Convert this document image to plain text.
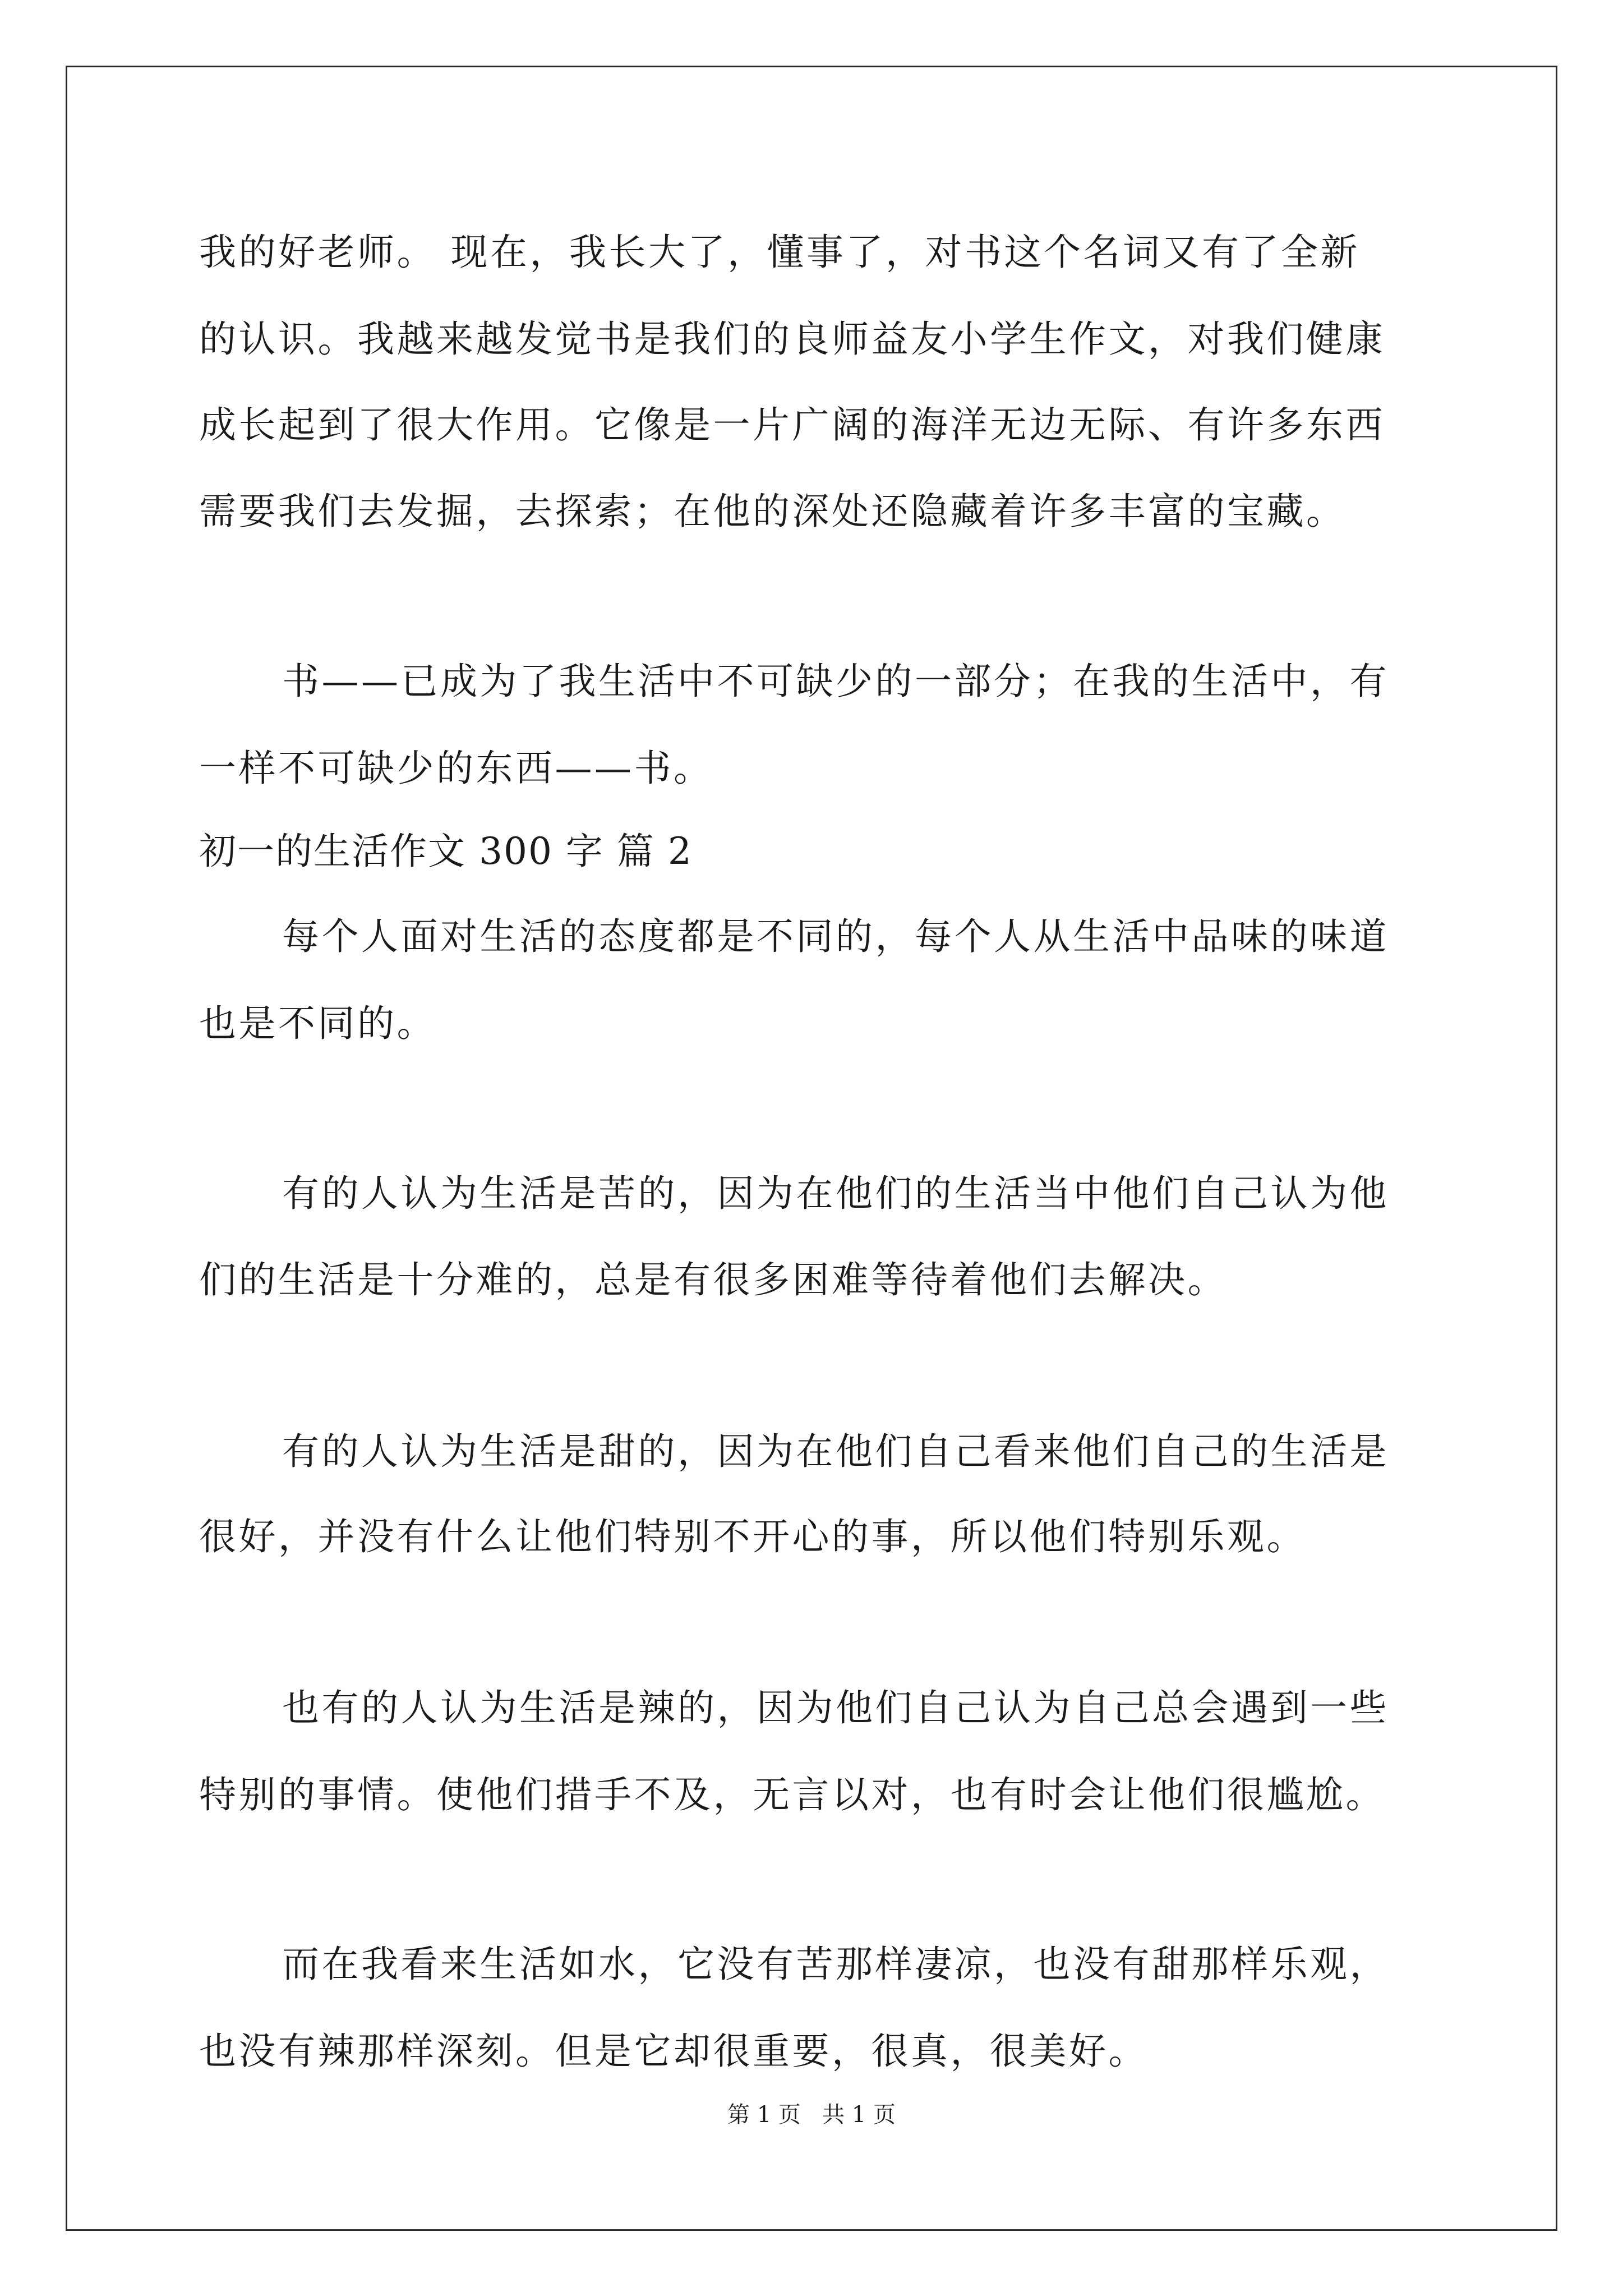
我的好老师。 现在，我长大了，懂事了，对书这个名词又有了全新
的认识。我越来越发觉书是我们的良师益友小学生作文，对我们健康
成长起到了很大作用。它像是一片广阔的海洋无边无际、有许多东西
需要我们去发掘，去探索；在他的深处还隐藏着许多丰富的宝藏。
书——已成为了我生活中不可缺少的一部分；在我的生活中，有
一样不可缺少的东西——书。
初一的生活作文 300 字 篇 2
每个人面对生活的态度都是不同的，每个人从生活中品味的味道
也是不同的。
有的人认为生活是苦的，因为在他们的生活当中他们自己认为他
们的生活是十分难的，总是有很多困难等待着他们去解决。
有的人认为生活是甜的，因为在他们自己看来他们自己的生活是
很好，并没有什么让他们特别不开心的事，所以他们特别乐观。
也有的人认为生活是辣的，因为他们自己认为自己总会遇到一些
特别的事情。使他们措手不及，无言以对，也有时会让他们很尴尬。
而在我看来生活如水，它没有苦那样凄凉，也没有甜那样乐观，
也没有辣那样深刻。但是它却很重要，很真，很美好。
第 1 页   共 1 页
